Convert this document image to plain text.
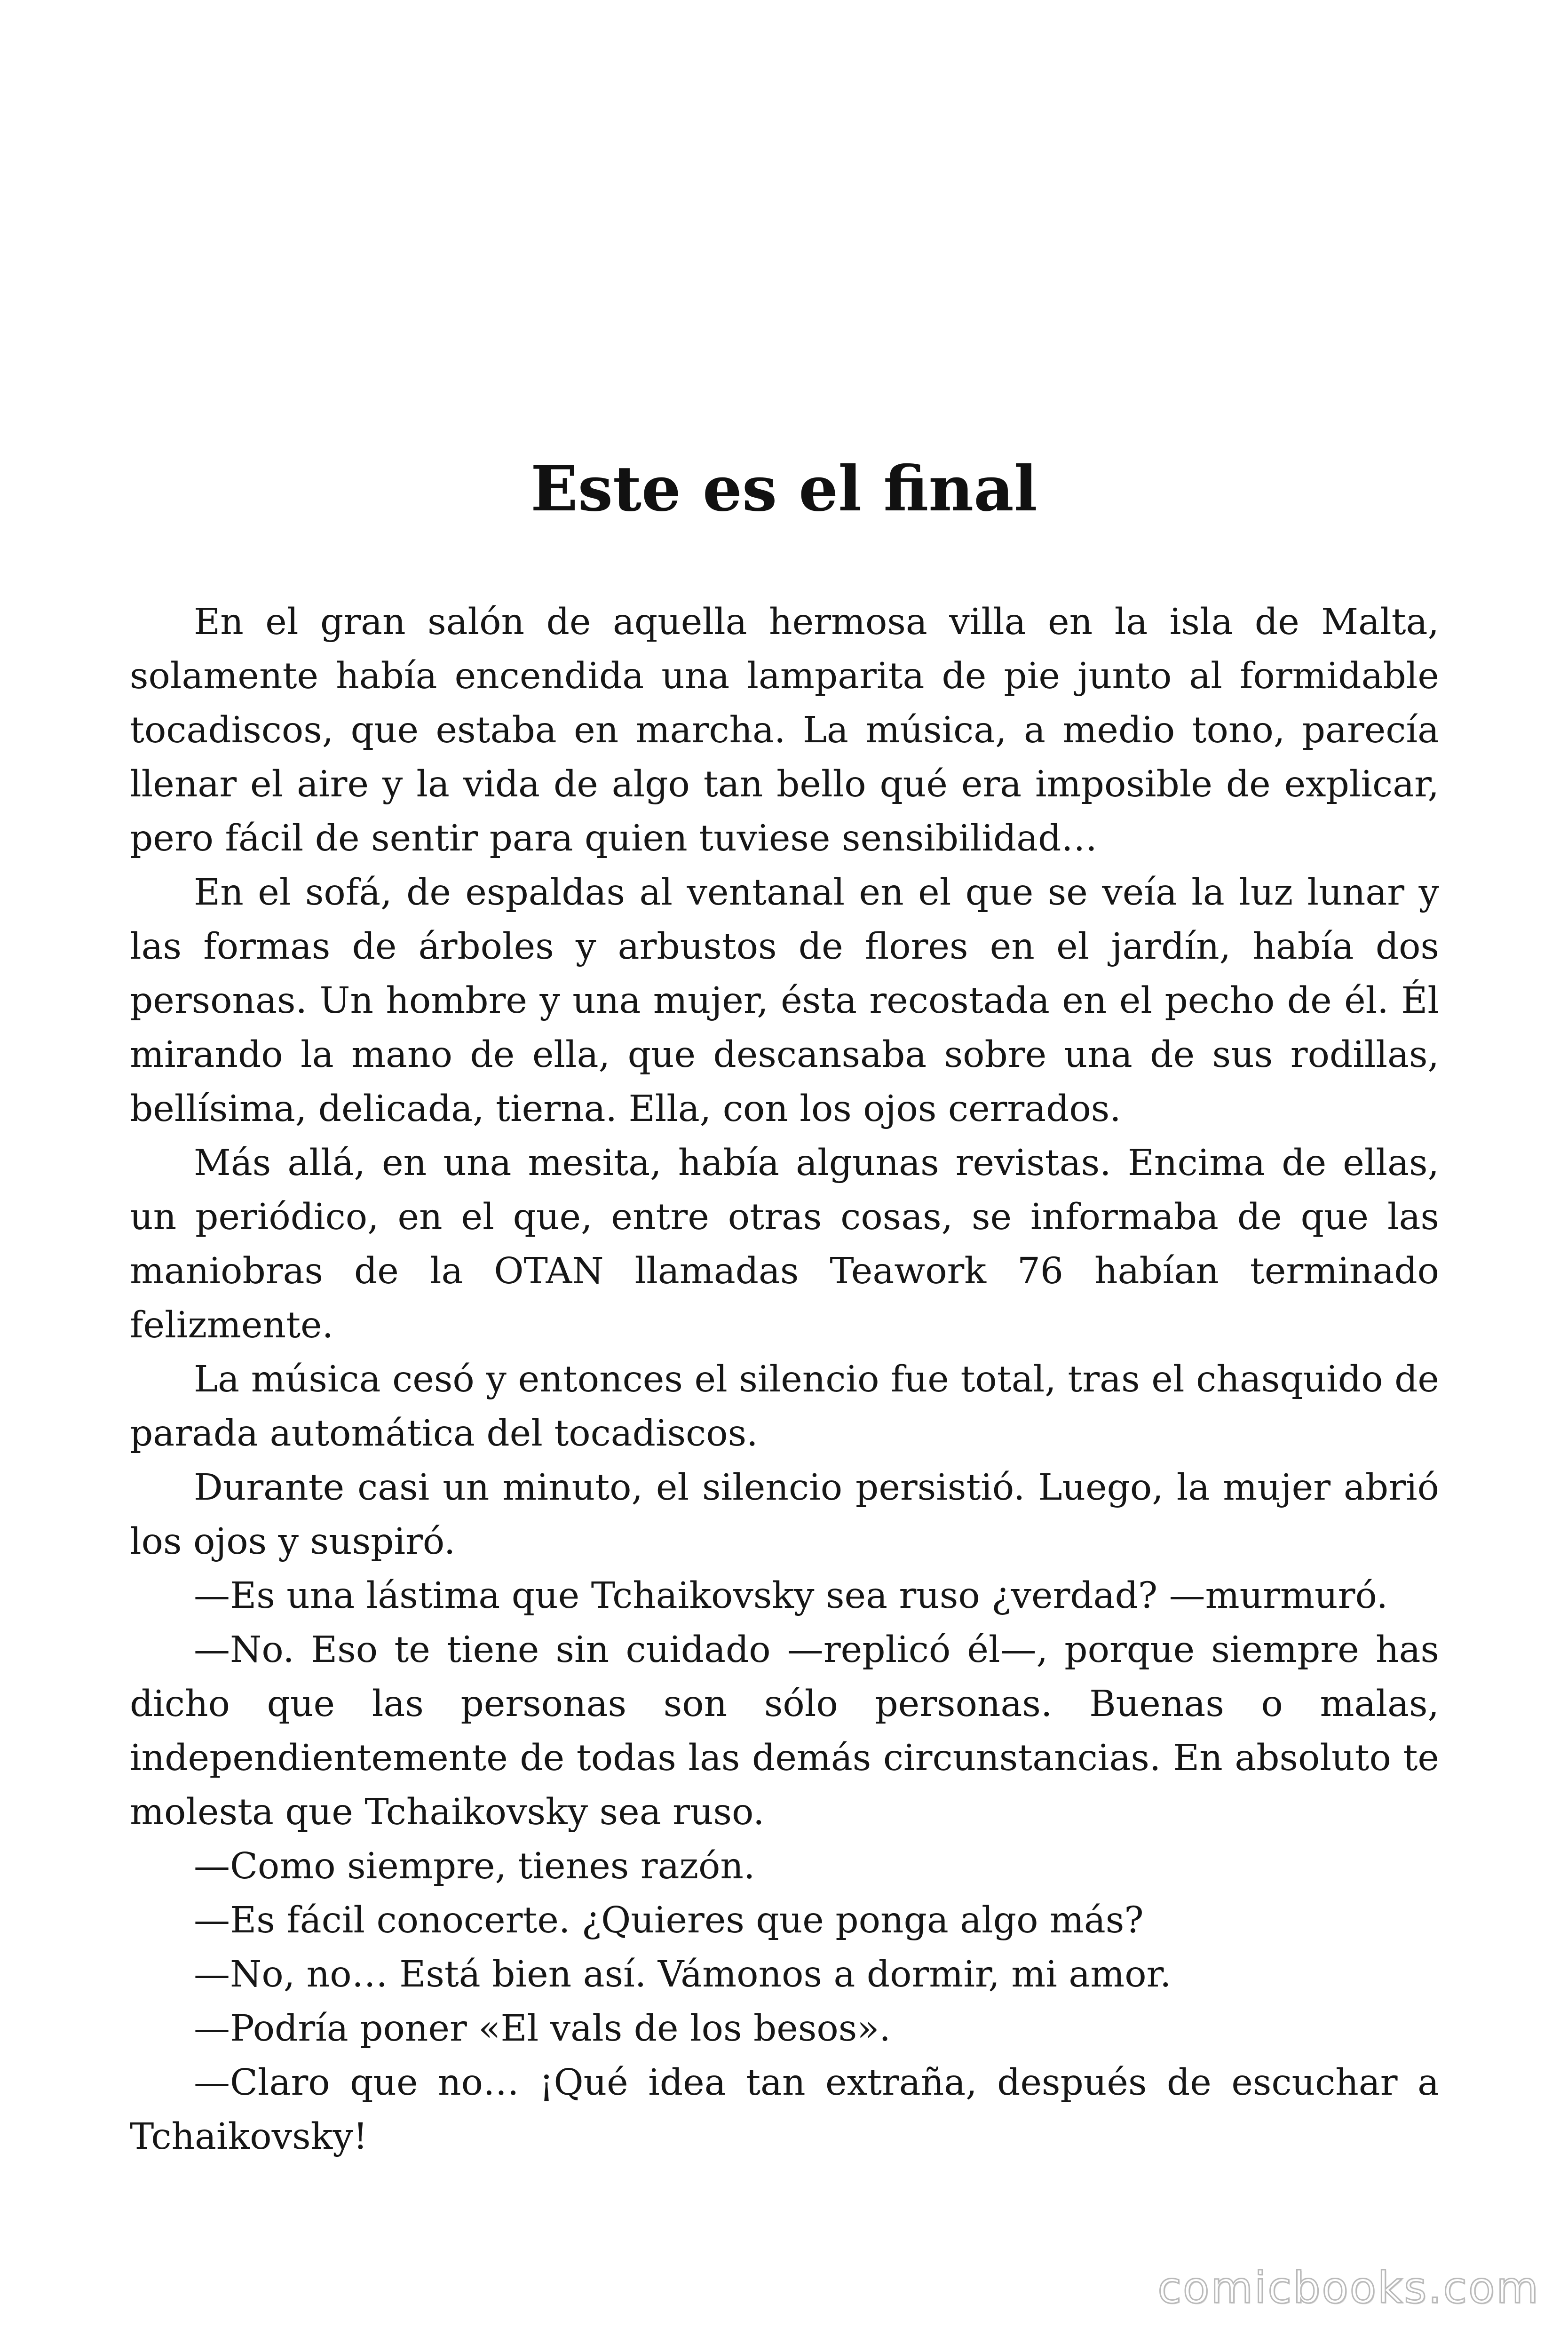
Este es el final

En el gran salón de aquella hermosa villa en la isla de Malta, solamente había encendida una lamparita de pie junto al formidable tocadiscos, que estaba en marcha. La música, a medio tono, parecía llenar el aire y la vida de algo tan bello qué era imposible de explicar, pero fácil de sentir para quien tuviese sensibilidad…

En el sofá, de espaldas al ventanal en el que se veía la luz lunar y las formas de árboles y arbustos de flores en el jardín, había dos personas. Un hombre y una mujer, ésta recostada en el pecho de él. Él mirando la mano de ella, que descansaba sobre una de sus rodillas, bellísima, delicada, tierna. Ella, con los ojos cerrados.

Más allá, en una mesita, había algunas revistas. Encima de ellas, un periódico, en el que, entre otras cosas, se informaba de que las maniobras de la OTAN llamadas Teawork 76 habían terminado felizmente.

La música cesó y entonces el silencio fue total, tras el chasquido de parada automática del tocadiscos.

Durante casi un minuto, el silencio persistió. Luego, la mujer abrió los ojos y suspiró.

—Es una lástima que Tchaikovsky sea ruso ¿verdad? —murmuró.

—No. Eso te tiene sin cuidado —replicó él—, porque siempre has dicho que las personas son sólo personas. Buenas o malas, independientemente de todas las demás circunstancias. En absoluto te molesta que Tchaikovsky sea ruso.

—Como siempre, tienes razón.

—Es fácil conocerte. ¿Quieres que ponga algo más?

—No, no… Está bien así. Vámonos a dormir, mi amor.

—Podría poner «El vals de los besos».

—Claro que no… ¡Qué idea tan extraña, después de escuchar a Tchaikovsky!

comicbooks.com
